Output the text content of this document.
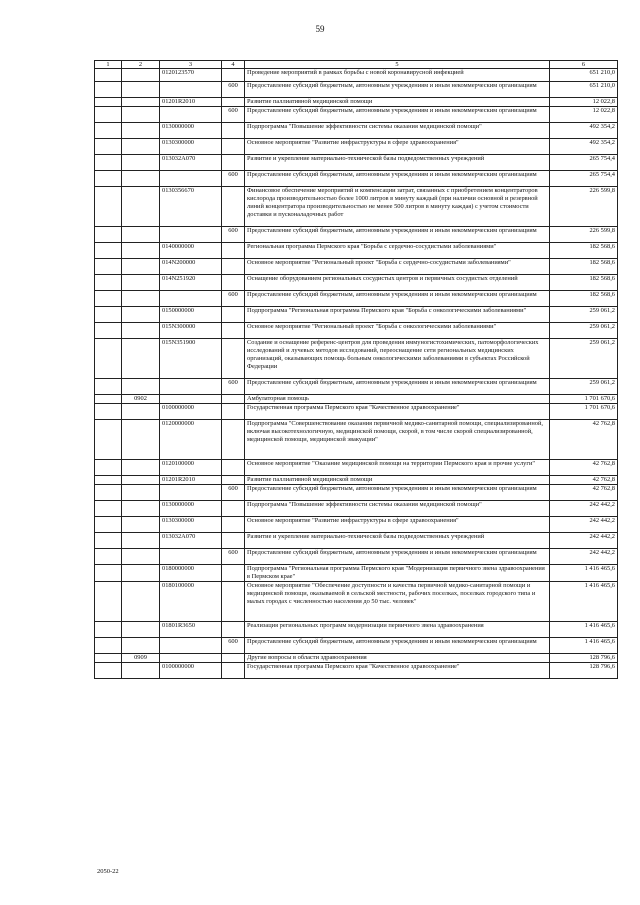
59
1	2	3	4	5	6
		0120123570		Проведение мероприятий в рамках борьбы с новой коронавирусной инфекцией	651 210,0
			600	Предоставление субсидий бюджетным, автономным учреждениям и иным некоммерческим организациям	651 210,0
		01201R2010		Развитие паллиативной медицинской помощи	12 022,8
			600	Предоставление субсидий бюджетным, автономным учреждениям и иным некоммерческим организациям	12 022,8
		0130000000		Подпрограмма "Повышение эффективности системы оказания медицинской помощи"	492 354,2
		0130300000		Основное мероприятие "Развитие инфраструктуры в сфере здравоохранения"	492 354,2
		013032А070		Развитие и укрепление материально-технической базы подведомственных учреждений	265 754,4
			600	Предоставление субсидий бюджетным, автономным учреждениям и иным некоммерческим организациям	265 754,4
		0130356670		Финансовое обеспечение мероприятий и компенсации затрат, связанных с приобретением концентраторов кислорода производительностью более 1000 литров в минуту каждый (при наличии основной и резервной линий концентратора производительностью не менее 500 литров в минуту каждая) с учетом стоимости доставки и пусконаладочных работ	226 599,8
			600	Предоставление субсидий бюджетным, автономным учреждениям и иным некоммерческим организациям	226 599,8
		0140000000		Региональная программа Пермского края "Борьба с сердечно-сосудистыми заболеваниями"	182 568,6
		014N200000		Основное мероприятие "Региональный проект "Борьба с сердечно-сосудистыми заболеваниями"	182 568,6
		014N251920		Оснащение оборудованием региональных сосудистых центров и первичных сосудистых отделений	182 568,6
			600	Предоставление субсидий бюджетным, автономным учреждениям и иным некоммерческим организациям	182 568,6
		0150000000		Подпрограмма "Региональная программа Пермского края "Борьба с онкологическими заболеваниями"	259 061,2
		015N300000		Основное мероприятие "Региональный проект "Борьба с онкологическими заболеваниями"	259 061,2
		015N351900		Создание и оснащение референс-центров для проведения иммуногистохимических, патоморфологических исследований и лучевых методов исследований, переоснащение сети региональных медицинских организаций, оказывающих помощь больным онкологическими заболеваниями в субъектах Российской Федерации	259 061,2
			600	Предоставление субсидий бюджетным, автономным учреждениям и иным некоммерческим организациям	259 061,2
	0902			Амбулаторная помощь	1 701 670,6
		0100000000		Государственная программа Пермского края "Качественное здравоохранение"	1 701 670,6
		0120000000		Подпрограмма "Совершенствование оказания первичной медико-санитарной помощи, специализированной, включая высокотехнологичную, медицинской помощи, скорой, в том числе скорой специализированной, медицинской помощи, медицинской эвакуации"	42 762,8
		0120100000		Основное мероприятие "Оказание медицинской помощи на территории Пермского края и прочие услуги"	42 762,8
		01201R2010		Развитие паллиативной медицинской помощи	42 762,8
			600	Предоставление субсидий бюджетным, автономным учреждениям и иным некоммерческим организациям	42 762,8
		0130000000		Подпрограмма "Повышение эффективности системы оказания медицинской помощи"	242 442,2
		0130300000		Основное мероприятие "Развитие инфраструктуры в сфере здравоохранения"	242 442,2
		013032А070		Развитие и укрепление материально-технической базы подведомственных учреждений	242 442,2
			600	Предоставление субсидий бюджетным, автономным учреждениям и иным некоммерческим организациям	242 442,2
		0180000000		Подпрограмма "Региональная программа Пермского края "Модернизация первичного звена здравоохранения в Пермском крае"	1 416 465,6
		0180100000		Основное мероприятие "Обеспечение доступности и качества первичной медико-санитарной помощи и медицинской помощи, оказываемой в сельской местности, рабочих поселках, поселках городского типа и малых городах с численностью населения до 50 тыс. человек"	1 416 465,6
		01801R3650		Реализация региональных программ модернизации первичного звена здравоохранения	1 416 465,6
			600	Предоставление субсидий бюджетным, автономным учреждениям и иным некоммерческим организациям	1 416 465,6
	0909			Другие вопросы в области здравоохранения	128 796,6
		0100000000		Государственная программа Пермского края "Качественное здравоохранение"	128 796,6
2050-22
